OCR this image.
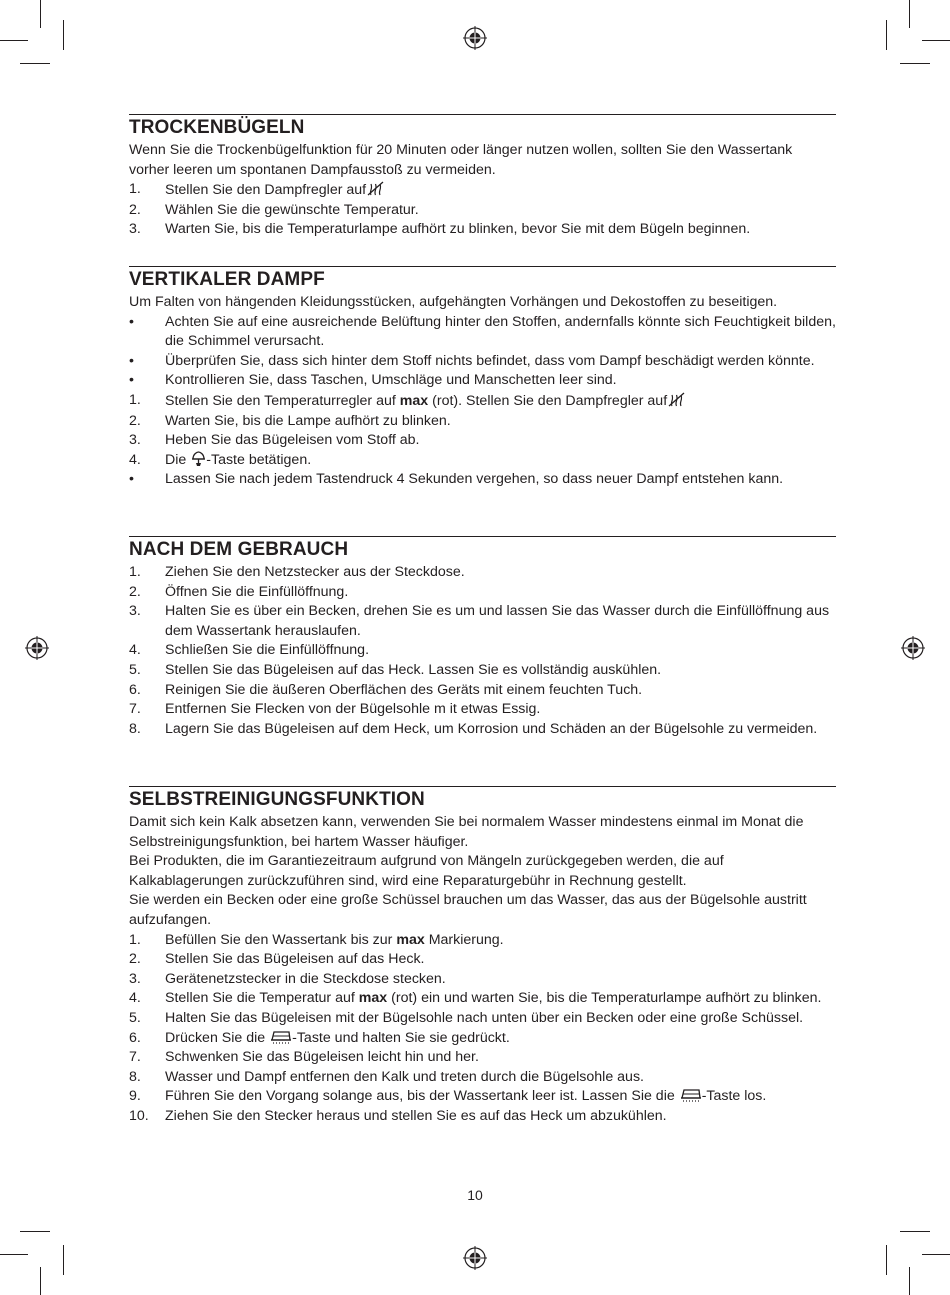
TROCKENBÜGELN

Wenn Sie die Trockenbügelfunktion für 20 Minuten oder länger nutzen wollen, sollten Sie den Wassertank vorher leeren um spontanen Dampfausstoß zu vermeiden.

1.	Stellen Sie den Dampfregler auf
2.	Wählen Sie die gewünschte Temperatur.
3.	Warten Sie, bis die Temperaturlampe aufhört zu blinken, bevor Sie mit dem Bügeln beginnen.
VERTIKALER DAMPF

Um Falten von hängenden Kleidungsstücken, aufgehängten Vorhängen und Dekostoffen zu beseitigen.

•	Achten Sie auf eine ausreichende Belüftung hinter den Stoffen, andernfalls könnte sich Feuchtigkeit bilden, die Schimmel verursacht.
•	Überprüfen Sie, dass sich hinter dem Stoff nichts befindet, dass vom Dampf beschädigt werden könnte.
•	Kontrollieren Sie, dass Taschen, Umschläge und Manschetten leer sind.
1.	Stellen Sie den Temperaturregler auf max (rot). Stellen Sie den Dampfregler auf
2.	Warten Sie, bis die Lampe aufhört zu blinken.
3.	Heben Sie das Bügeleisen vom Stoff ab.
4.	Die -Taste betätigen.
•	Lassen Sie nach jedem Tastendruck 4 Sekunden vergehen, so dass neuer Dampf entstehen kann.
NACH DEM GEBRAUCH
1.	Ziehen Sie den Netzstecker aus der Steckdose.
2.	Öffnen Sie die Einfüllöffnung.
3.	Halten Sie es über ein Becken, drehen Sie es um und lassen Sie das Wasser durch die Einfüllöffnung aus dem Wassertank herauslaufen.
4.	Schließen Sie die Einfüllöffnung.
5.	Stellen Sie das Bügeleisen auf das Heck. Lassen Sie es vollständig auskühlen.
6.	Reinigen Sie die äußeren Oberflächen des Geräts mit einem feuchten Tuch.
7.	Entfernen Sie Flecken von der Bügelsohle m it etwas Essig.
8.	Lagern Sie das Bügeleisen auf dem Heck, um Korrosion und Schäden an der Bügelsohle zu vermeiden.
SELBSTREINIGUNGSFUNKTION

Damit sich kein Kalk absetzen kann, verwenden Sie bei normalem Wasser mindestens einmal im Monat die Selbstreinigungsfunktion, bei hartem Wasser häufiger.

Bei Produkten, die im Garantiezeitraum aufgrund von Mängeln zurückgegeben werden, die auf Kalkablagerungen zurückzuführen sind, wird eine Reparaturgebühr in Rechnung gestellt.

Sie werden ein Becken oder eine große Schüssel brauchen um das Wasser, das aus der Bügelsohle austritt aufzufangen.

1.	Befüllen Sie den Wassertank bis zur max Markierung.
2.	Stellen Sie das Bügeleisen auf das Heck.
3.	Gerätenetzstecker in die Steckdose stecken.
4.	Stellen Sie die Temperatur auf max (rot) ein und warten Sie, bis die Temperaturlampe aufhört zu blinken.
5.	Halten Sie das Bügeleisen mit der Bügelsohle nach unten über ein Becken oder eine große Schüssel.
6.	Drücken Sie die -Taste und halten Sie sie gedrückt.
7.	Schwenken Sie das Bügeleisen leicht hin und her.
8.	Wasser und Dampf entfernen den Kalk und treten durch die Bügelsohle aus.
9.	Führen Sie den Vorgang solange aus, bis der Wassertank leer ist. Lassen Sie die -Taste los.
10.	Ziehen Sie den Stecker heraus und stellen Sie es auf das Heck um abzukühlen.
10
